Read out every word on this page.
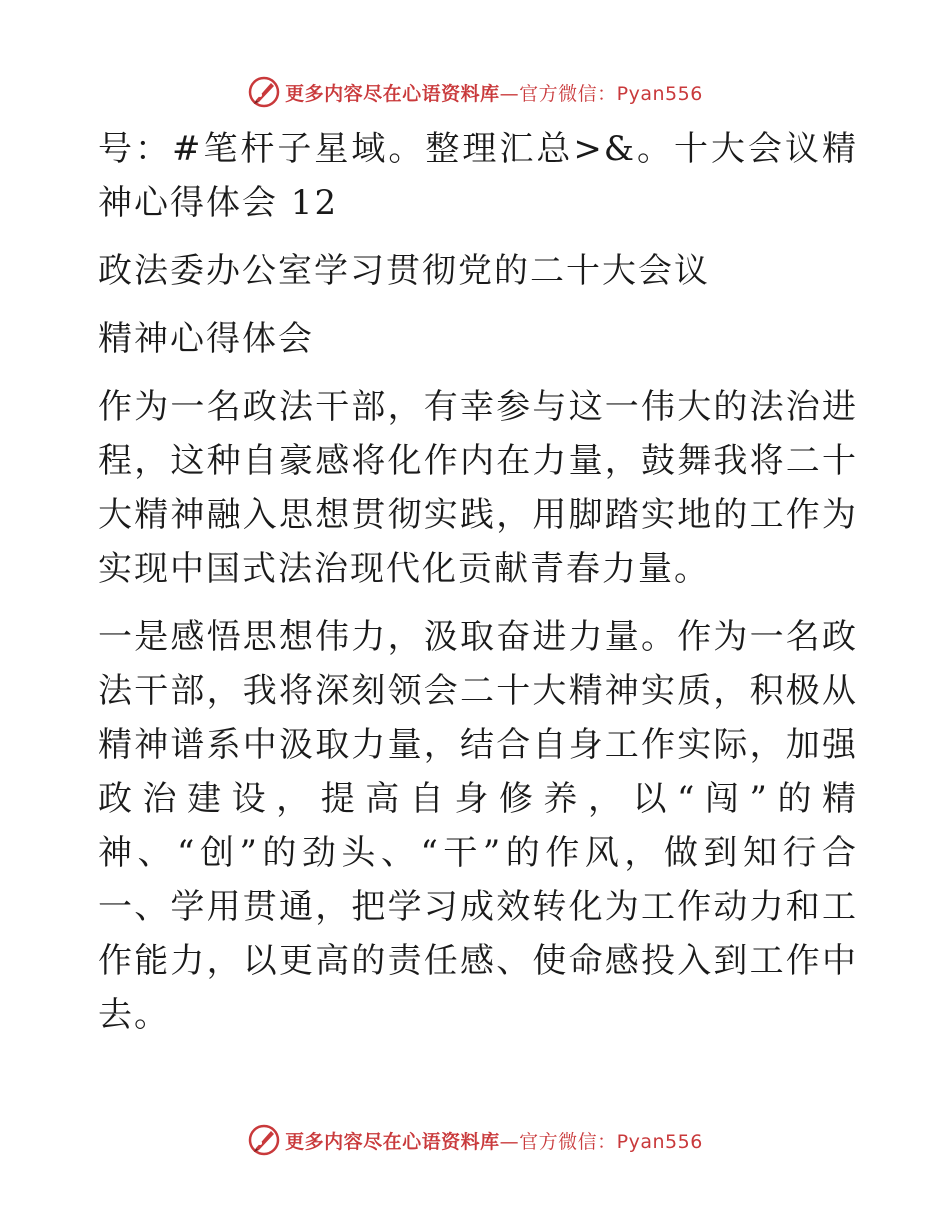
更多内容尽在心语资料库 —官方微信：Pyan556

号：#笔杆子星域。整理汇总>&。十大会议精神心得体会 12

政法委办公室学习贯彻党的二十大会议

精神心得体会

作为一名政法干部，有幸参与这一伟大的法治进程，这种自豪感将化作内在力量，鼓舞我将二十大精神融入思想贯彻实践，用脚踏实地的工作为实现中国式法治现代化贡献青春力量。

一是感悟思想伟力，汲取奋进力量。作为一名政法干部，我将深刻领会二十大精神实质，积极从精神谱系中汲取力量，结合自身工作实际，加强政治建设，提高自身修养，以“闯”的精神、“创”的劲头、“干”的作风，做到知行合一、学用贯通，把学习成效转化为工作动力和工作能力，以更高的责任感、使命感投入到工作中去。

更多内容尽在心语资料库 —官方微信：Pyan556
